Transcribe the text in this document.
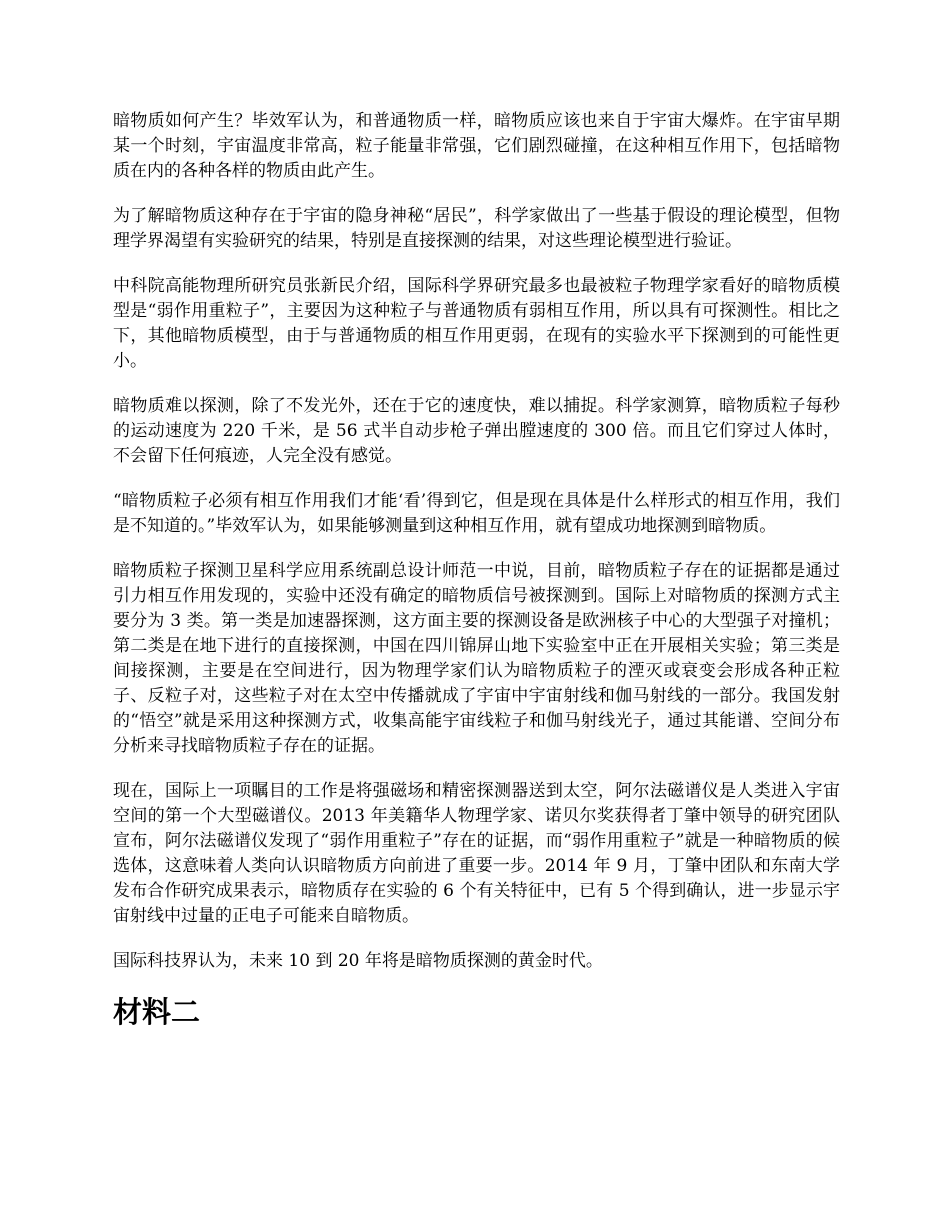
暗物质如何产生？毕效军认为，和普通物质一样，暗物质应该也来自于宇宙大爆炸。在宇宙早期某一个时刻，宇宙温度非常高，粒子能量非常强，它们剧烈碰撞，在这种相互作用下，包括暗物质在内的各种各样的物质由此产生。

为了解暗物质这种存在于宇宙的隐身神秘“居民”，科学家做出了一些基于假设的理论模型，但物理学界渴望有实验研究的结果，特别是直接探测的结果，对这些理论模型进行验证。

中科院高能物理所研究员张新民介绍，国际科学界研究最多也最被粒子物理学家看好的暗物质模型是“弱作用重粒子”，主要因为这种粒子与普通物质有弱相互作用，所以具有可探测性。相比之下，其他暗物质模型，由于与普通物质的相互作用更弱，在现有的实验水平下探测到的可能性更小。

暗物质难以探测，除了不发光外，还在于它的速度快，难以捕捉。科学家测算，暗物质粒子每秒的运动速度为 220 千米，是 56 式半自动步枪子弹出膛速度的 300 倍。而且它们穿过人体时，不会留下任何痕迹，人完全没有感觉。

“暗物质粒子必须有相互作用我们才能‘看’得到它，但是现在具体是什么样形式的相互作用，我们是不知道的。”毕效军认为，如果能够测量到这种相互作用，就有望成功地探测到暗物质。

暗物质粒子探测卫星科学应用系统副总设计师范一中说，目前，暗物质粒子存在的证据都是通过引力相互作用发现的，实验中还没有确定的暗物质信号被探测到。国际上对暗物质的探测方式主要分为 3 类。第一类是加速器探测，这方面主要的探测设备是欧洲核子中心的大型强子对撞机；第二类是在地下进行的直接探测，中国在四川锦屏山地下实验室中正在开展相关实验；第三类是间接探测，主要是在空间进行，因为物理学家们认为暗物质粒子的湮灭或衰变会形成各种正粒子、反粒子对，这些粒子对在太空中传播就成了宇宙中宇宙射线和伽马射线的一部分。我国发射的“悟空”就是采用这种探测方式，收集高能宇宙线粒子和伽马射线光子，通过其能谱、空间分布分析来寻找暗物质粒子存在的证据。

现在，国际上一项瞩目的工作是将强磁场和精密探测器送到太空，阿尔法磁谱仪是人类进入宇宙空间的第一个大型磁谱仪。2013 年美籍华人物理学家、诺贝尔奖获得者丁肇中领导的研究团队宣布，阿尔法磁谱仪发现了“弱作用重粒子”存在的证据，而“弱作用重粒子”就是一种暗物质的候选体，这意味着人类向认识暗物质方向前进了重要一步。2014 年 9 月，丁肇中团队和东南大学发布合作研究成果表示，暗物质存在实验的 6 个有关特征中，已有 5 个得到确认，进一步显示宇宙射线中过量的正电子可能来自暗物质。

国际科技界认为，未来 10 到 20 年将是暗物质探测的黄金时代。

材料二
